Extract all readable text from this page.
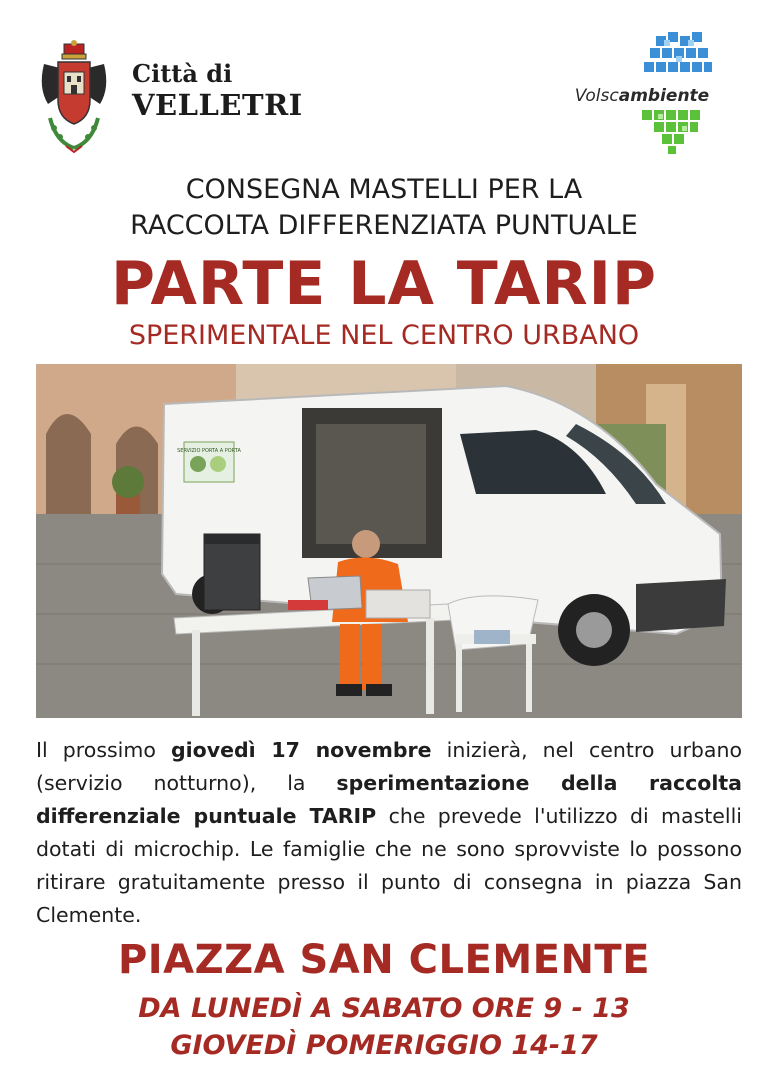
Città di
VELLETRI	Volscambiente
CONSEGNA MASTELLI PER LA
RACCOLTA DIFFERENZIATA PUNTUALE
PARTE LA TARIP
SPERIMENTALE NEL CENTRO URBANO
SERVIZIO PORTA A PORTA
Il prossimo giovedì 17 novembre inizierà, nel centro urbano (servizio notturno), la sperimentazione della raccolta differenziale puntuale TARIP che prevede l'utilizzo di mastelli dotati di microchip. Le famiglie che ne sono sprovviste lo possono ritirare gratuitamente presso il punto di consegna in piazza San Clemente.
PIAZZA SAN CLEMENTE
DA LUNEDÌ A SABATO ORE 9 - 13
GIOVEDÌ POMERIGGIO 14-17
